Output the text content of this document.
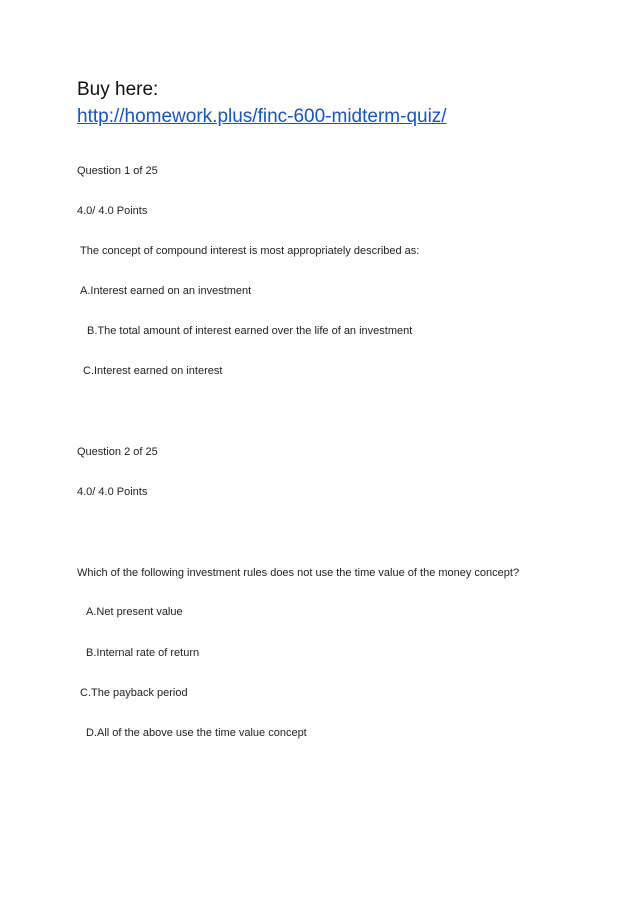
Buy here:
http://homework.plus/finc-600-midterm-quiz/
Question 1 of 25
4.0/ 4.0 Points
The concept of compound interest is most appropriately described as:
A.Interest earned on an investment
B.The total amount of interest earned over the life of an investment
C.Interest earned on interest
Question 2 of 25
4.0/ 4.0 Points
Which of the following investment rules does not use the time value of the money concept?
A.Net present value
B.Internal rate of return
C.The payback period
D.All of the above use the time value concept
